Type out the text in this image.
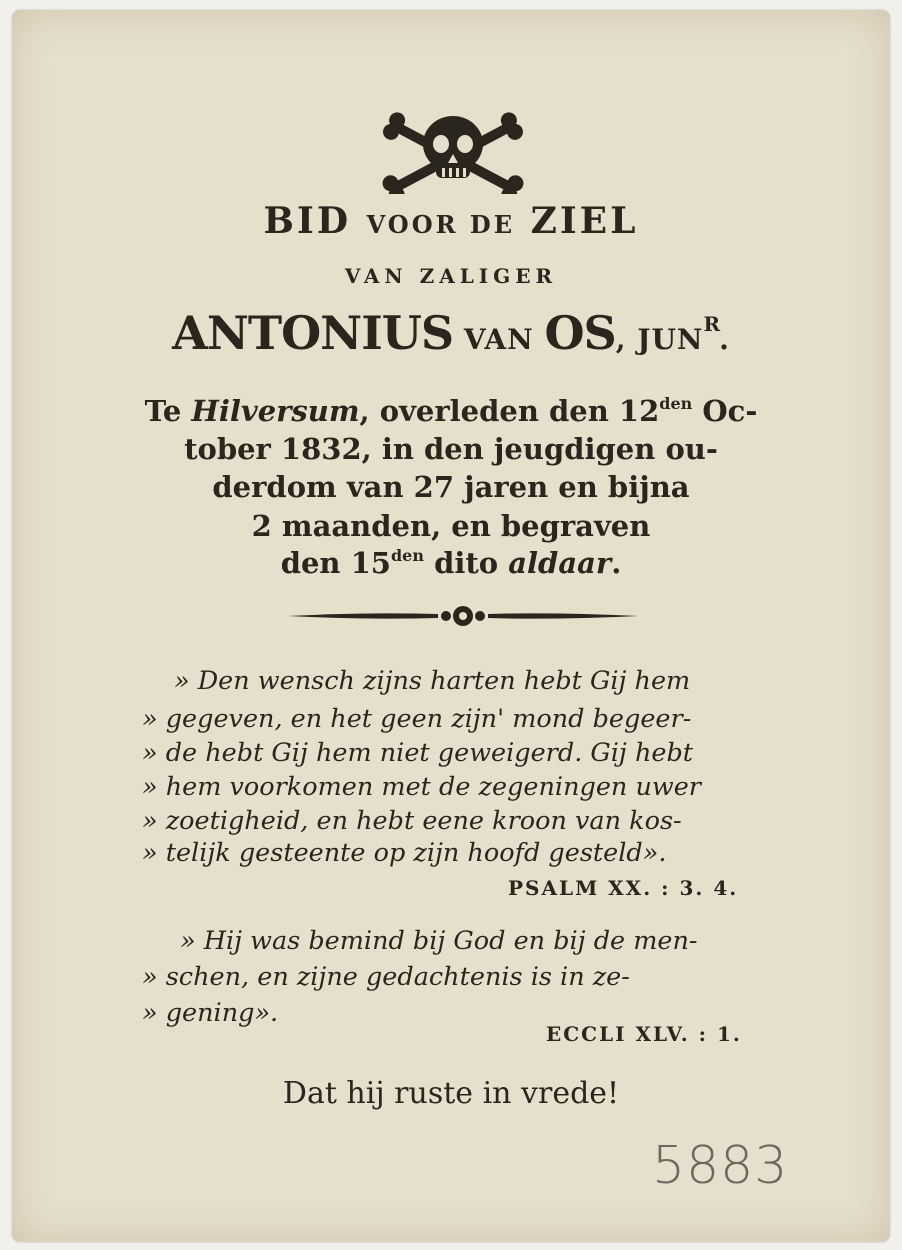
BID VOOR DE ZIEL
VAN ZALIGER
ANTONIUS VAN OS, $JUN^R$.
Te Hilversum, overleden den $12^{den}$ Oc-
tober 1832, in den jeugdigen ou-
derdom van 27 jaren en bijna
2 maanden, en begraven
den $15^{den}$ dito aldaar.
» Den wensch zijns harten hebt Gij hem
» gegeven, en het geen zijn' mond begeer-
» de hebt Gij hem niet geweigerd. Gij hebt
» hem voorkomen met de zegeningen uwer
» zoetigheid, en hebt eene kroon van kos-
» telijk gesteente op zijn hoofd gesteld».
PSALM XX. : 3. 4.
» Hij was bemind bij God en bij de men-
» schen, en zijne gedachtenis is in ze-
» gening».
ECCLI XLV. : 1.
Dat hij ruste in vrede!
5883
